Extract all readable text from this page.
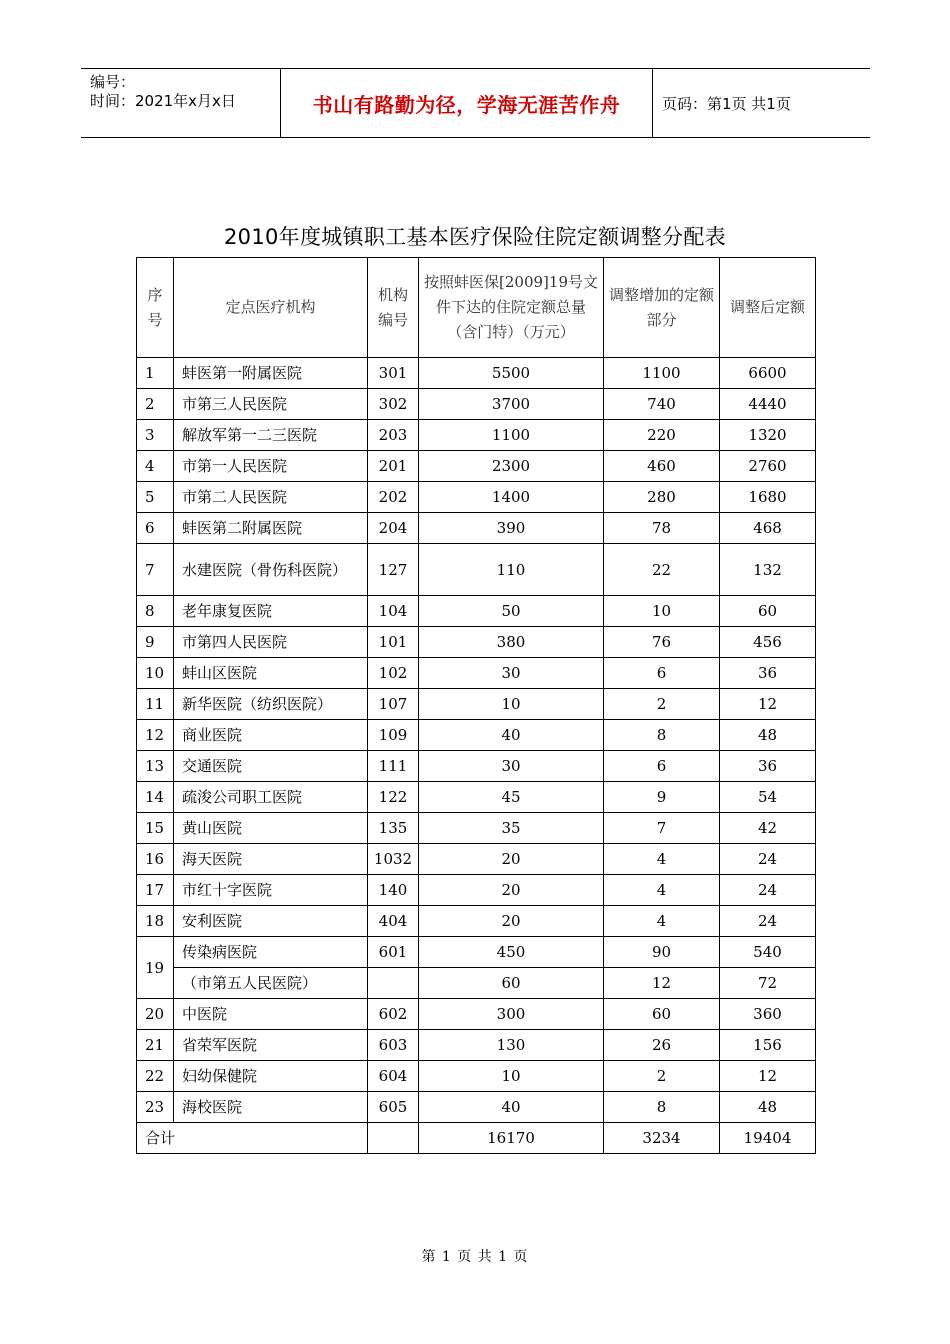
编号：
时间：2021年x月x日	书山有路勤为径，学海无涯苦作舟	页码：第1页 共1页
2010年度城镇职工基本医疗保险住院定额调整分配表
序号	定点医疗机构	机构编号	按照蚌医保[2009]19号文件下达的住院定额总量（含门特）（万元）	调整增加的定额部分	调整后定额
1	蚌医第一附属医院	301	5500	1100	6600
2	市第三人民医院	302	3700	740	4440
3	解放军第一二三医院	203	1100	220	1320
4	市第一人民医院	201	2300	460	2760
5	市第二人民医院	202	1400	280	1680
6	蚌医第二附属医院	204	390	78	468
7	水建医院（骨伤科医院）	127	110	22	132
8	老年康复医院	104	50	10	60
9	市第四人民医院	101	380	76	456
10	蚌山区医院	102	30	6	36
11	新华医院（纺织医院）	107	10	2	12
12	商业医院	109	40	8	48
13	交通医院	111	30	6	36
14	疏浚公司职工医院	122	45	9	54
15	黄山医院	135	35	7	42
16	海天医院	1032	20	4	24
17	市红十字医院	140	20	4	24
18	安利医院	404	20	4	24
19	传染病医院	601	450	90	540
	（市第五人民医院）		60	12	72
20	中医院	602	300	60	360
21	省荣军医院	603	130	26	156
22	妇幼保健院	604	10	2	12
23	海校医院	605	40	8	48
合计			16170	3234	19404
第 1 页 共 1 页
